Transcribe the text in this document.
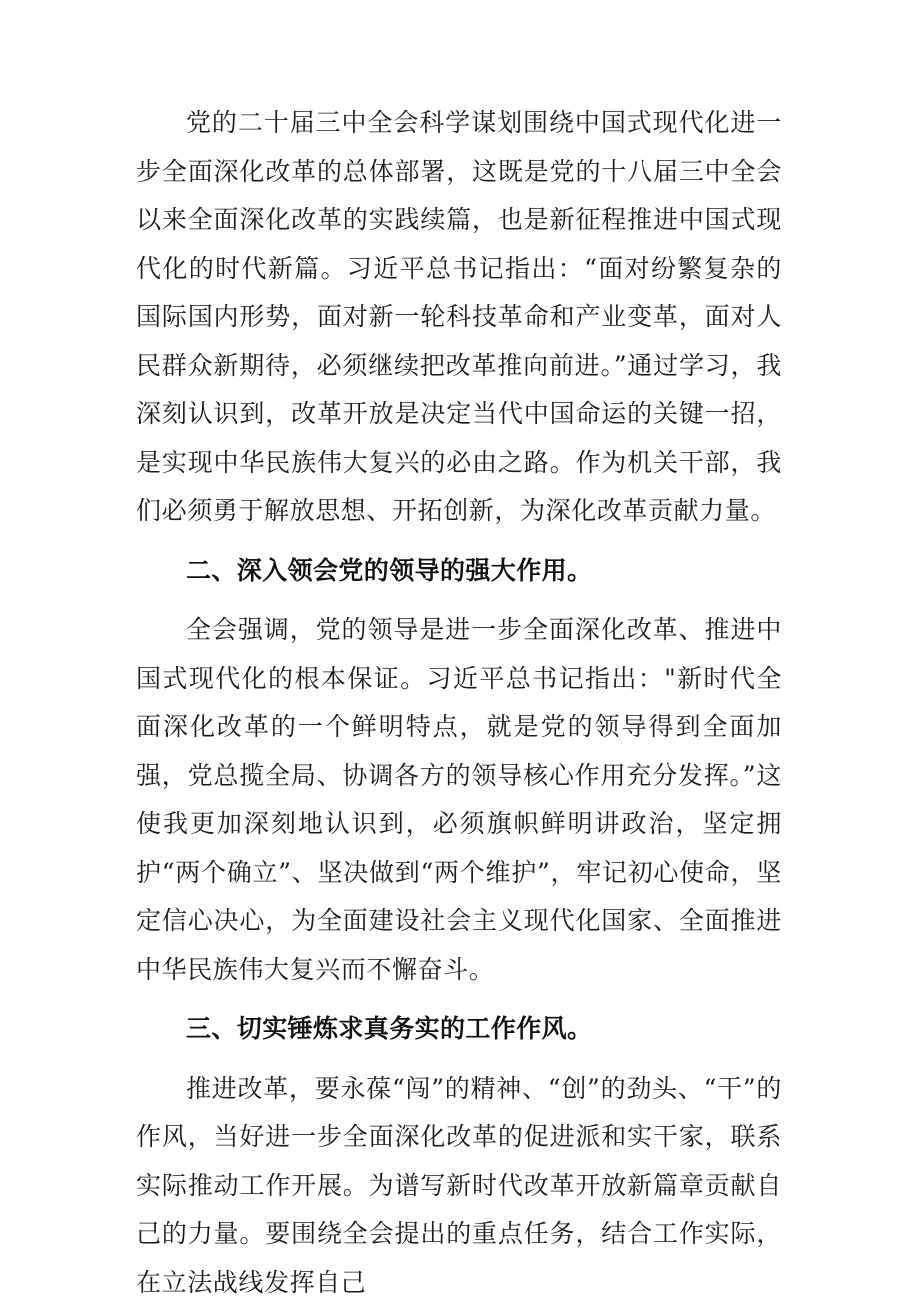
党的二十届三中全会科学谋划围绕中国式现代化进一步全面深化改革的总体部署，这既是党的十八届三中全会以来全面深化改革的实践续篇，也是新征程推进中国式现代化的时代新篇。习近平总书记指出：“面对纷繁复杂的国际国内形势，面对新一轮科技革命和产业变革，面对人民群众新期待，必须继续把改革推向前进。”通过学习，我深刻认识到，改革开放是决定当代中国命运的关键一招，是实现中华民族伟大复兴的必由之路。作为机关干部，我们必须勇于解放思想、开拓创新，为深化改革贡献力量。

二、深入领会党的领导的强大作用。

全会强调，党的领导是进一步全面深化改革、推进中国式现代化的根本保证。习近平总书记指出："新时代全面深化改革的一个鲜明特点，就是党的领导得到全面加强，党总揽全局、协调各方的领导核心作用充分发挥。”这使我更加深刻地认识到，必须旗帜鲜明讲政治，坚定拥护“两个确立”、坚决做到“两个维护”，牢记初心使命，坚定信心决心，为全面建设社会主义现代化国家、全面推进中华民族伟大复兴而不懈奋斗。

三、切实锤炼求真务实的工作作风。

推进改革，要永葆“闯”的精神、“创”的劲头、“干”的作风，当好进一步全面深化改革的促进派和实干家，联系实际推动工作开展。为谱写新时代改革开放新篇章贡献自己的力量。要围绕全会提出的重点任务，结合工作实际，在立法战线发挥自己
